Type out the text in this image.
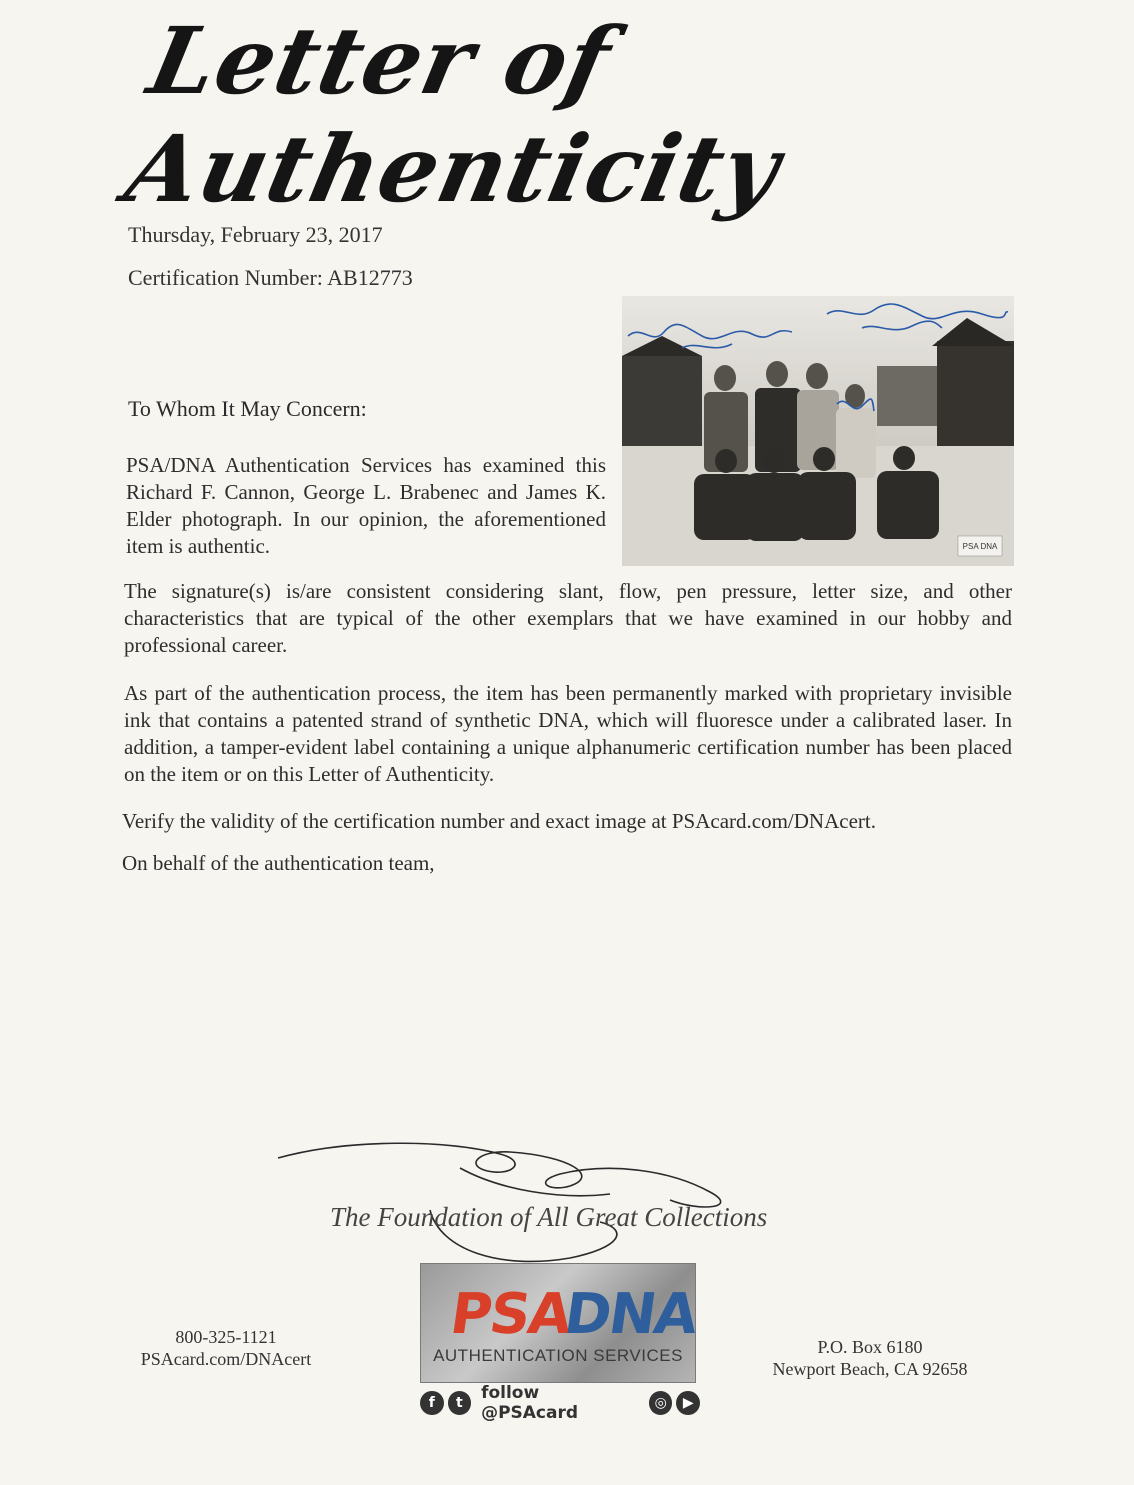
Letter of Authenticity
Thursday, February 23, 2017
Certification Number: AB12773
PSA DNA
To Whom It May Concern:
PSA/DNA Authentication Services has examined this Richard F. Cannon, George L. Brabenec and James K. Elder photograph. In our opinion, the aforementioned item is authentic.
The signature(s) is/are consistent considering slant, flow, pen pressure, letter size, and other characteristics that are typical of the other exemplars that we have examined in our hobby and professional career.
As part of the authentication process, the item has been permanently marked with proprietary invisible ink that contains a patented strand of synthetic DNA, which will fluoresce under a calibrated laser. In addition, a tamper-evident label containing a unique alphanumeric certification number has been placed on the item or on this Letter of Authenticity.
Verify the validity of the certification number and exact image at PSAcard.com/DNAcert.
On behalf of the authentication team,
The Foundation of All Great Collections
PSA
DNA
AUTHENTICATION SERVICES
f	t	follow @PSAcard	◎	▶
800-325-1121
PSAcard.com/DNAcert
P.O. Box 6180
Newport Beach, CA 92658
